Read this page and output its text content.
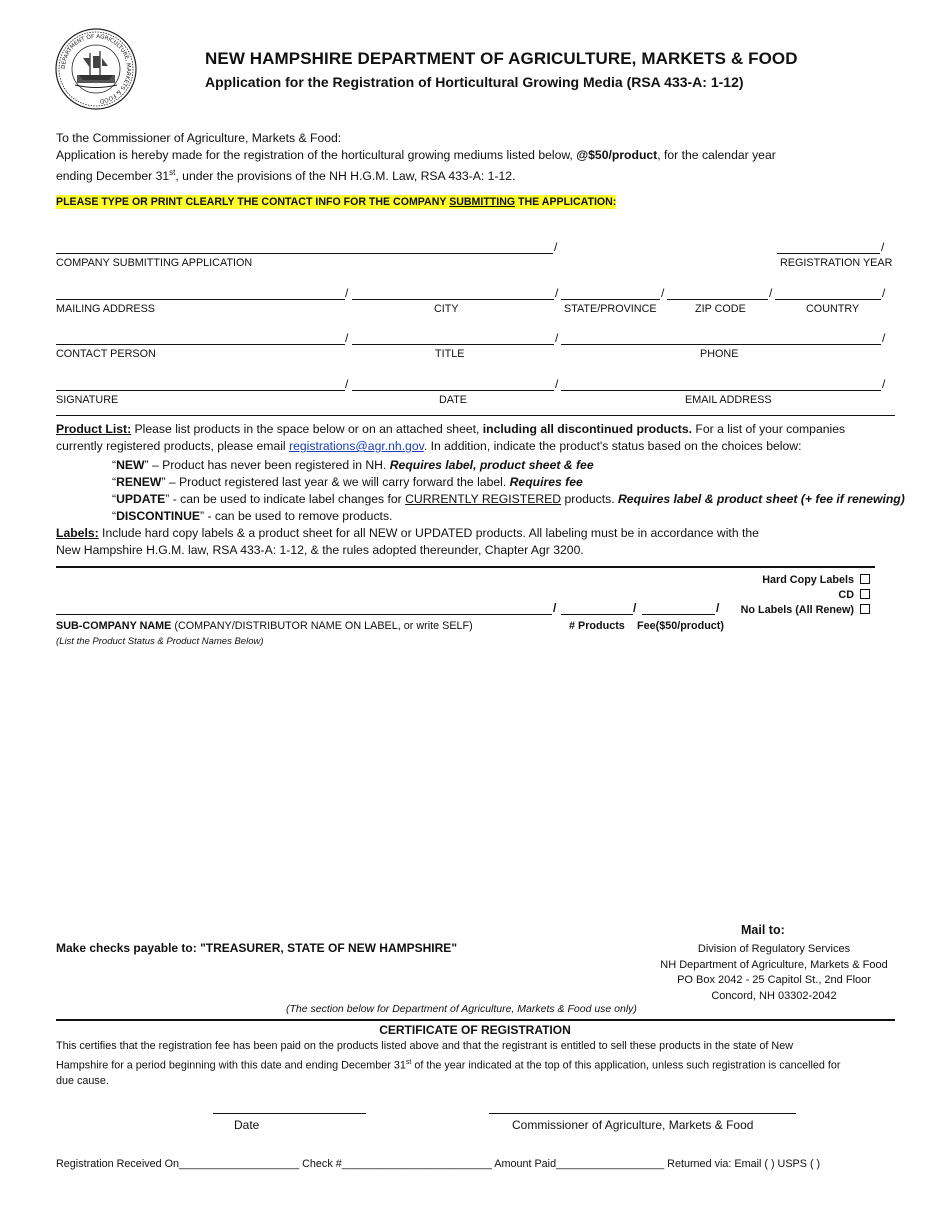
DEPARTMENT OF AGRICULTURE, MARKETS & FOOD
NEW HAMPSHIRE DEPARTMENT OF AGRICULTURE, MARKETS & FOOD
Application for the Registration of Horticultural Growing Media (RSA 433-A: 1-12)
To the Commissioner of Agriculture, Markets & Food:
Application is hereby made for the registration of the horticultural growing mediums listed below, @$50/product, for the calendar year
ending December 31st, under the provisions of the NH H.G.M. Law, RSA 433-A: 1-12.
PLEASE TYPE OR PRINT CLEARLY THE CONTACT INFO FOR THE COMPANY SUBMITTING THE APPLICATION:
/	/
COMPANY SUBMITTING APPLICATION	REGISTRATION YEAR
/	/	/	/	/
MAILING ADDRESS	CITY	STATE/PROVINCE	ZIP CODE	COUNTRY
/	/	/
CONTACT PERSON	TITLE	PHONE
/	/	/
SIGNATURE	DATE	EMAIL ADDRESS
Product List: Please list products in the space below or on an attached sheet, including all discontinued products. For a list of your companies
currently registered products, please email registrations@agr.nh.gov. In addition, indicate the product's status based on the choices below:
“NEW” – Product has never been registered in NH. Requires label, product sheet & fee
“RENEW” – Product registered last year & we will carry forward the label. Requires fee
“UPDATE” - can be used to indicate label changes for CURRENTLY REGISTERED products. Requires label & product sheet (+ fee if renewing)
“DISCONTINUE” - can be used to remove products.
Labels: Include hard copy labels & a product sheet for all NEW or UPDATED products. All labeling must be in accordance with the
New Hampshire H.G.M. law, RSA 433-A: 1-12, & the rules adopted thereunder, Chapter Agr 3200.
Hard Copy Labels
CD
No Labels (All Renew)
/	/	/
SUB-COMPANY NAME (COMPANY/DISTRIBUTOR NAME ON LABEL, or write SELF)	# Products Fee($50/product)
(List the Product Status & Product Names Below)
Make checks payable to: "TREASURER, STATE OF NEW HAMPSHIRE"
Mail to:
Division of Regulatory Services
NH Department of Agriculture, Markets & Food
PO Box 2042 - 25 Capitol St., 2nd Floor
Concord, NH 03302-2042
(The section below for Department of Agriculture, Markets & Food use only)
CERTIFICATE OF REGISTRATION
This certifies that the registration fee has been paid on the products listed above and that the registrant is entitled to sell these products in the state of New
Hampshire for a period beginning with this date and ending December 31st of the year indicated at the top of this application, unless such registration is cancelled for
due cause.
Date	Commissioner of Agriculture, Markets & Food
Registration Received On____________________ Check #_________________________ Amount Paid__________________ Returned via: Email ( ) USPS ( )
